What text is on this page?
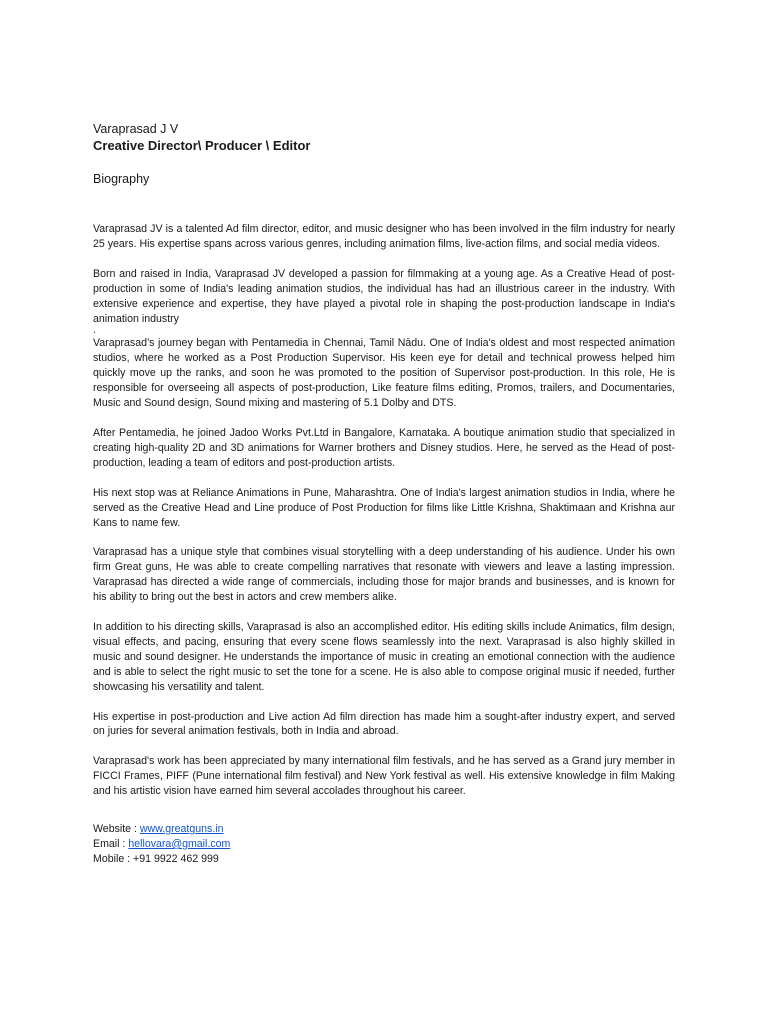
Varaprasad J V

Creative Director\ Producer \ Editor

Biography

Varaprasad JV is a talented Ad film director, editor, and music designer who has been involved in the film industry for nearly 25 years. His expertise spans across various genres, including animation films, live-action films, and social media videos.

Born and raised in India, Varaprasad JV developed a passion for filmmaking at a young age. As a Creative Head of post-production in some of India's leading animation studios, the individual has had an illustrious career in the industry. With extensive experience and expertise, they have played a pivotal role in shaping the post-production landscape in India's animation industry

.

Varaprasad’s journey began with Pentamedia in Chennai, Tamil Nādu. One of India's oldest and most respected animation studios, where he worked as a Post Production Supervisor. His keen eye for detail and technical prowess helped him quickly move up the ranks, and soon he was promoted to the position of Supervisor post-production. In this role, He is responsible for overseeing all aspects of post-production, Like feature films editing, Promos, trailers, and Documentaries, Music and Sound design, Sound mixing and mastering of 5.1 Dolby and DTS.

After Pentamedia, he joined Jadoo Works Pvt.Ltd in Bangalore, Karnataka. A boutique animation studio that specialized in creating high-quality 2D and 3D animations for Warner brothers and Disney studios. Here, he served as the Head of post-production, leading a team of editors and post-production artists.

His next stop was at Reliance Animations in Pune, Maharashtra. One of India's largest animation studios in India, where he served as the Creative Head and Line produce of Post Production for films like Little Krishna, Shaktimaan and Krishna aur Kans to name few.

Varaprasad has a unique style that combines visual storytelling with a deep understanding of his audience. Under his own firm Great guns, He was able to create compelling narratives that resonate with viewers and leave a lasting impression. Varaprasad has directed a wide range of commercials, including those for major brands and businesses, and is known for his ability to bring out the best in actors and crew members alike.

In addition to his directing skills, Varaprasad is also an accomplished editor. His editing skills include Animatics, film design, visual effects, and pacing, ensuring that every scene flows seamlessly into the next. Varaprasad is also highly skilled in music and sound designer. He understands the importance of music in creating an emotional connection with the audience and is able to select the right music to set the tone for a scene. He is also able to compose original music if needed, further showcasing his versatility and talent.

His expertise in post-production and Live action Ad film direction has made him a sought-after industry expert, and served on juries for several animation festivals, both in India and abroad.

Varaprasad's work has been appreciated by many international film festivals, and he has served as a Grand jury member in FICCI Frames, PIFF (Pune international film festival) and New York festival as well. His extensive knowledge in film Making and his artistic vision have earned him several accolades throughout his career.

Website : www.greatguns.in
Email : hellovara@gmail.com
Mobile : +91 9922 462 999
